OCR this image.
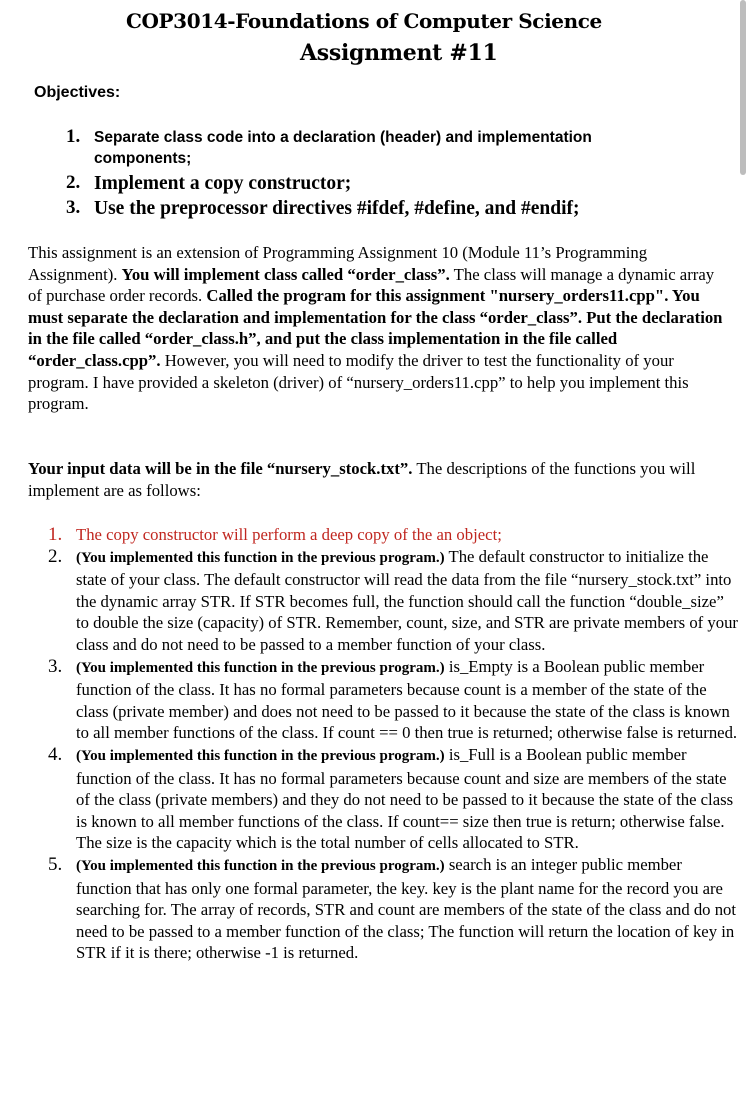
COP3014-Foundations of Computer Science
Assignment #11
Objectives:
1. Separate class code into a declaration (header) and implementation components;
2. Implement a copy constructor;
3. Use the preprocessor directives #ifdef, #define, and #endif;
This assignment is an extension of Programming Assignment 10 (Module 11’s Programming Assignment). You will implement class called “order_class”. The class will manage a dynamic array of purchase order records. Called the program for this assignment "nursery_orders11.cpp". You must separate the declaration and implementation for the class “order_class”. Put the declaration in the file called “order_class.h”, and put the class implementation in the file called “order_class.cpp”. However, you will need to modify the driver to test the functionality of your program. I have provided a skeleton (driver) of “nursery_orders11.cpp” to help you implement this program.
Your input data will be in the file “nursery_stock.txt”. The descriptions of the functions you will implement are as follows:
1. The copy constructor will perform a deep copy of the an object;
2. (You implemented this function in the previous program.) The default constructor to initialize the state of your class. The default constructor will read the data from the file “nursery_stock.txt” into the dynamic array STR. If STR becomes full, the function should call the function “double_size” to double the size (capacity) of STR. Remember, count, size, and STR are private members of your class and do not need to be passed to a member function of your class.
3. (You implemented this function in the previous program.) is_Empty is a Boolean public member function of the class. It has no formal parameters because count is a member of the state of the class (private member) and does not need to be passed to it because the state of the class is known to all member functions of the class. If count == 0 then true is returned; otherwise false is returned.
4. (You implemented this function in the previous program.) is_Full is a Boolean public member function of the class. It has no formal parameters because count and size are members of the state of the class (private members) and they do not need to be passed to it because the state of the class is known to all member functions of the class. If count== size then true is return; otherwise false. The size is the capacity which is the total number of cells allocated to STR.
5. (You implemented this function in the previous program.) search is an integer public member function that has only one formal parameter, the key. key is the plant name for the record you are searching for. The array of records, STR and count are members of the state of the class and do not need to be passed to a member function of the class; The function will return the location of key in STR if it is there; otherwise -1 is returned.
